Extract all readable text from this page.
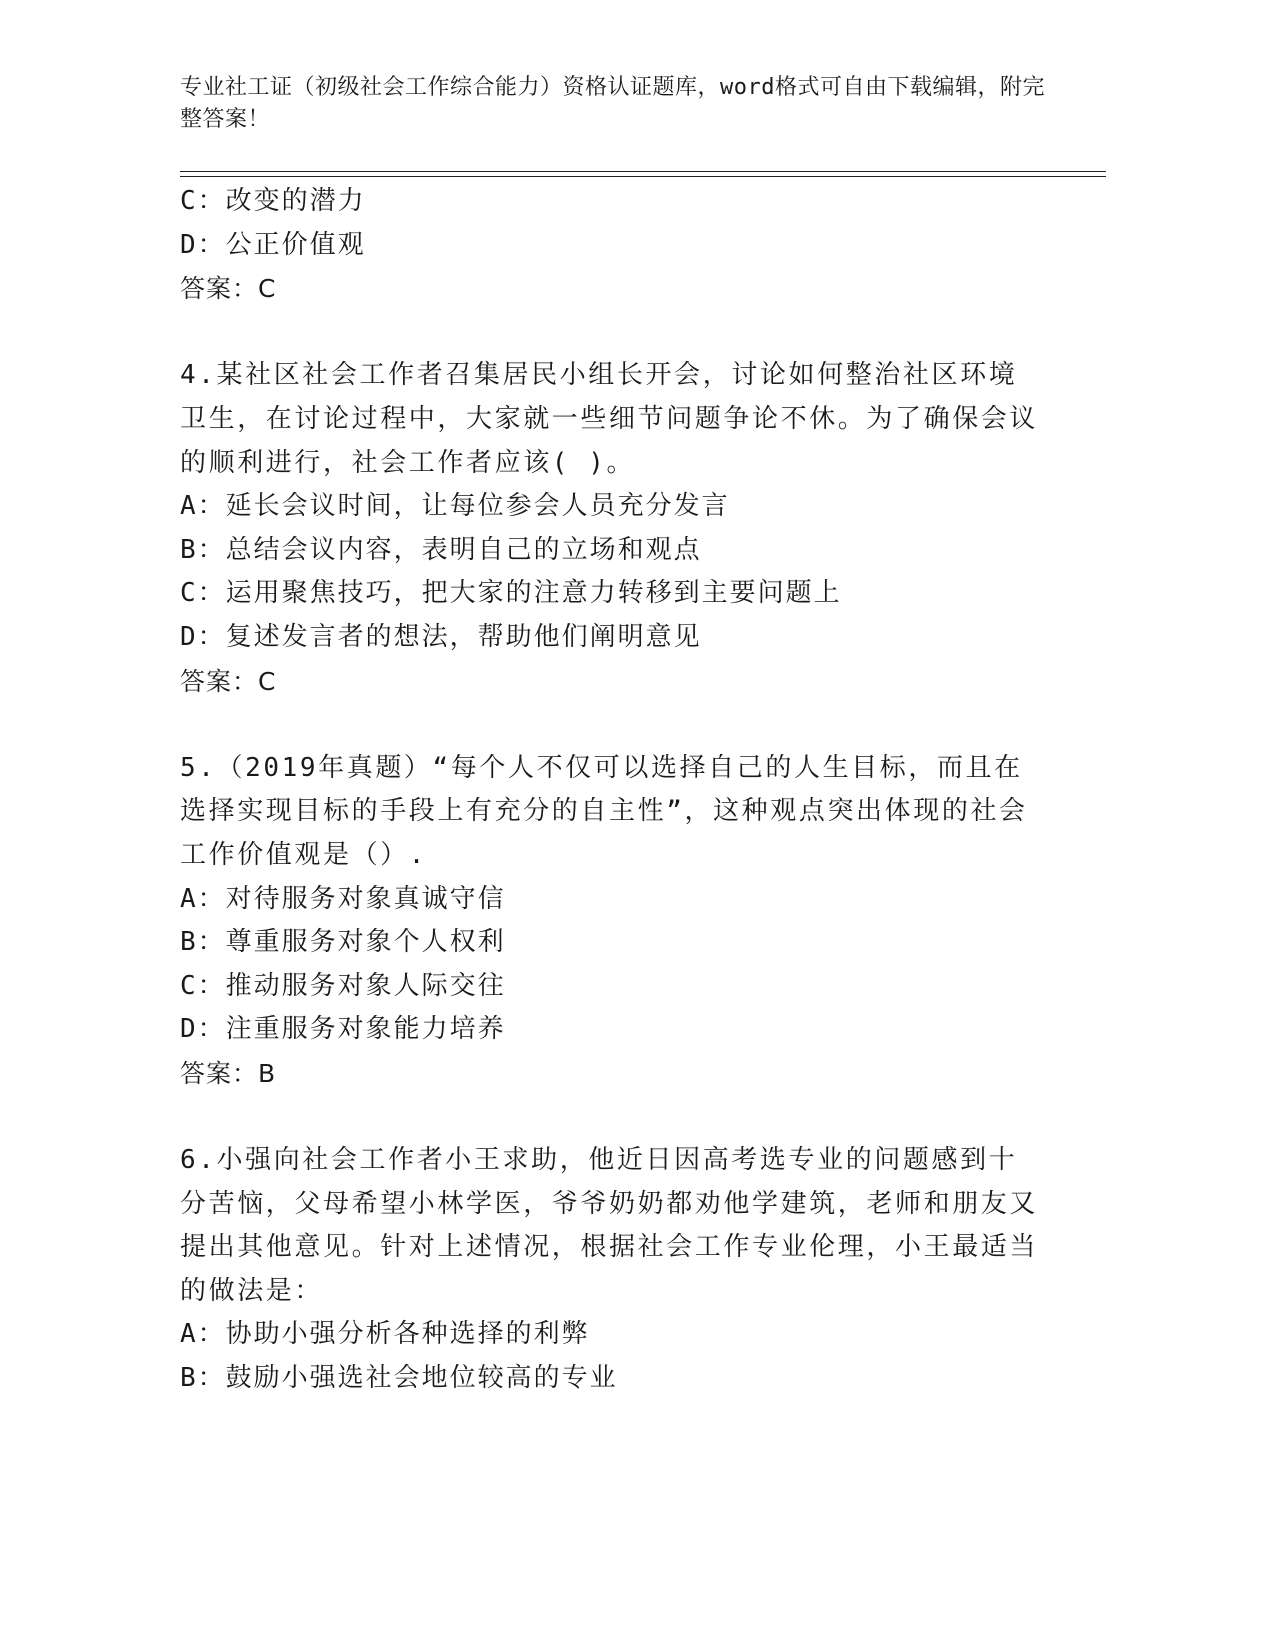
专业社工证（初级社会工作综合能力）资格认证题库，word格式可自由下载编辑，附完整答案！
C：改变的潜力
D：公正价值观
答案：C
4.某社区社会工作者召集居民小组长开会，讨论如何整治社区环境卫生，在讨论过程中，大家就一些细节问题争论不休。为了确保会议的顺利进行，社会工作者应该( )。
A：延长会议时间，让每位参会人员充分发言
B：总结会议内容，表明自己的立场和观点
C：运用聚焦技巧，把大家的注意力转移到主要问题上
D：复述发言者的想法，帮助他们阐明意见
答案：C
5.（2019年真题）“每个人不仅可以选择自己的人生目标，而且在选择实现目标的手段上有充分的自主性”，这种观点突出体现的社会工作价值观是（）.
A：对待服务对象真诚守信
B：尊重服务对象个人权利
C：推动服务对象人际交往
D：注重服务对象能力培养
答案：B
6.小强向社会工作者小王求助，他近日因高考选专业的问题感到十分苦恼，父母希望小林学医，爷爷奶奶都劝他学建筑，老师和朋友又提出其他意见。针对上述情况，根据社会工作专业伦理，小王最适当的做法是：
A：协助小强分析各种选择的利弊
B：鼓励小强选社会地位较高的专业
